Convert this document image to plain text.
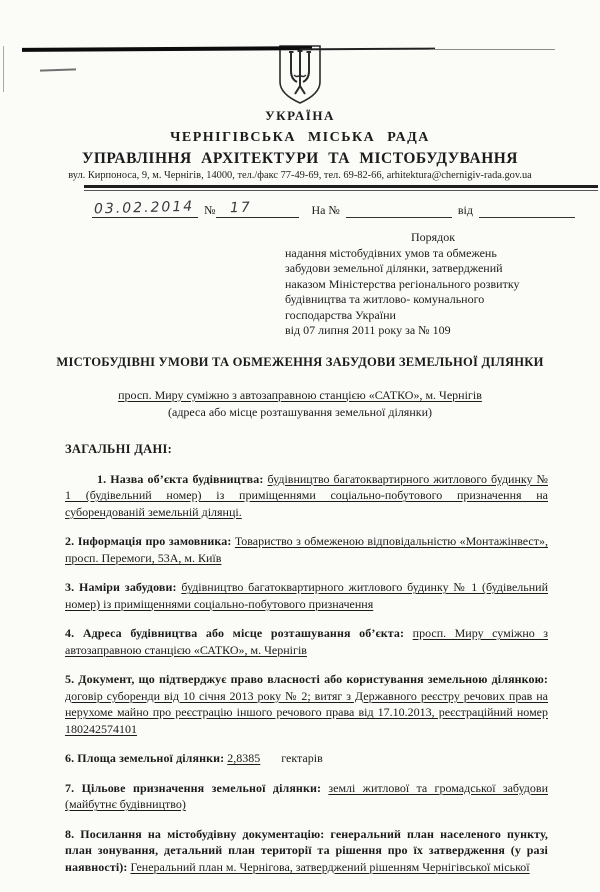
УКРАЇНА
ЧЕРНІГІВСЬКА МІСЬКА РАДА
УПРАВЛІННЯ АРХІТЕКТУРИ ТА МІСТОБУДУВАННЯ
вул. Кирпоноса, 9, м. Чернігів, 14000, тел./факс 77-49-69, тел. 69-82-66, arhitektura@chernigiv-rada.gov.ua
03.02.2014 № 17	На №	від
Порядок
надання містобудівних умов та обмежень
забудови земельної ділянки, затверджений
наказом Міністерства регіонального розвитку
будівництва та житлово- комунального
господарства України
від 07 липня 2011 року за № 109
МІСТОБУДІВНІ УМОВИ ТА ОБМЕЖЕННЯ ЗАБУДОВИ ЗЕМЕЛЬНОЇ ДІЛЯНКИ
просп. Миру суміжно з автозаправною станцією «САТКО», м. Чернігів
(адреса або місце розташування земельної ділянки)
ЗАГАЛЬНІ ДАНІ:

1. Назва об’єкта будівництва: будівництво багатоквартирного житлового будинку № 1 (будівельний номер) із приміщеннями соціально-побутового призначення на суборендованій земельній ділянці.

2. Інформація про замовника: Товариство з обмеженою відповідальністю «Монтажінвест», просп. Перемоги, 53А, м. Київ

3. Наміри забудови: будівництво багатоквартирного житлового будинку № 1 (будівельний номер) із приміщеннями соціально-побутового призначення

4. Адреса будівництва або місце розташування об’єкта: просп. Миру суміжно з автозаправною станцією «САТКО», м. Чернігів

5. Документ, що підтверджує право власності або користування земельною ділянкою: договір суборенди від 10 січня 2013 року № 2; витяг з Державного реєстру речових прав на нерухоме майно про реєстрацію іншого речового права від 17.10.2013, реєстраційний номер 180242574101

6. Площа земельної ділянки: 2,8385 гектарів

7. Цільове призначення земельної ділянки: землі житлової та громадської забудови (майбутнє будівництво)

8. Посилання на містобудівну документацію: генеральний план населеного пункту, план зонування, детальний план території та рішення про їх затвердження (у разі наявності): Генеральний план м. Чернігова, затверджений рішенням Чернігівської міської
